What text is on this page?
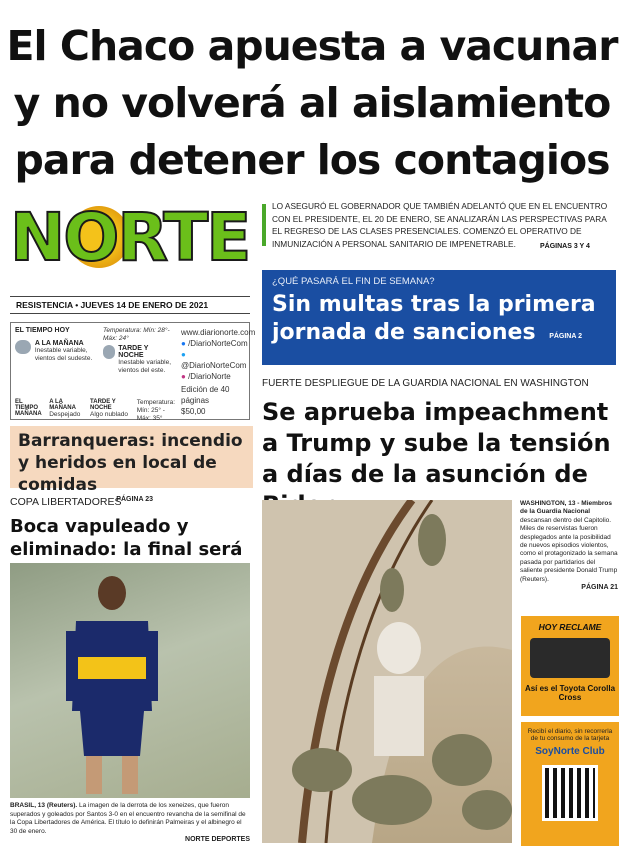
El Chaco apuesta a vacunar
y no volverá al aislamiento
para detener los contagios
NORTE
RESISTENCIA • JUEVES 14 DE ENERO DE 2021
EL TIEMPO HOY
A LA MAÑANA
Inestable variable, vientos del sudeste.
Temperatura: Mín: 28°- Máx: 24°
TARDE Y NOCHE
Inestable variable, vientos del este.
EL TIEMPO MAÑANA
A LA MAÑANA
Despejado
TARDE Y NOCHE
Algo nublado
Temperatura: Mín: 25° - Máx: 35°
www.diarionorte.com
● /DiarioNorteCom
● @DiarioNorteCom
● /DiarioNorte
Edición de 40 páginas
$50,00
Barranqueras: incendio y heridos en local de comidas
PÁGINA 23
COPA LIBERTADORES
Boca vapuleado y eliminado: la final será
BRASIL, 13 (Reuters). La imagen de la derrota de los xeneizes, que fueron superados y goleados por Santos 3-0 en el encuentro revancha de la semifinal de la Copa Libertadores de América. El título lo definirán Palmeiras y el albinegro el 30 de enero.
NORTE DEPORTES
LO ASEGURÓ EL GOBERNADOR QUE TAMBIÉN ADELANTÓ QUE EN EL ENCUENTRO CON EL PRESIDENTE, EL 20 DE ENERO, SE ANALIZARÁN LAS PERSPECTIVAS PARA EL REGRESO DE LAS CLASES PRESENCIALES. COMENZÓ EL OPERATIVO DE INMUNIZACIÓN A PERSONAL SANITARIO DE IMPENETRABLE.	PÁGINAS 3 Y 4
¿QUÉ PASARÁ EL FIN DE SEMANA?
Sin multas tras la primera jornada de sanciones	PÁGINA 2
FUERTE DESPLIEGUE DE LA GUARDIA NACIONAL EN WASHINGTON
Se aprueba impeachment a Trump y sube la tensión a días de la asunción de
WASHINGTON, 13 - Miembros de la Guardia Nacional descansan dentro del Capitolio. Miles de reservistas fueron desplegados ante la posibilidad de nuevos episodios violentos, como el protagonizado la semana pasada por partidarios del saliente presidente Donald Trump (Reuters).
PÁGINA 21
HOY RECLAME
Así es el Toyota Corolla Cross
Recibí el diario, sin recorrerla de tu consumo de la tarjeta
SoyNorte Club
